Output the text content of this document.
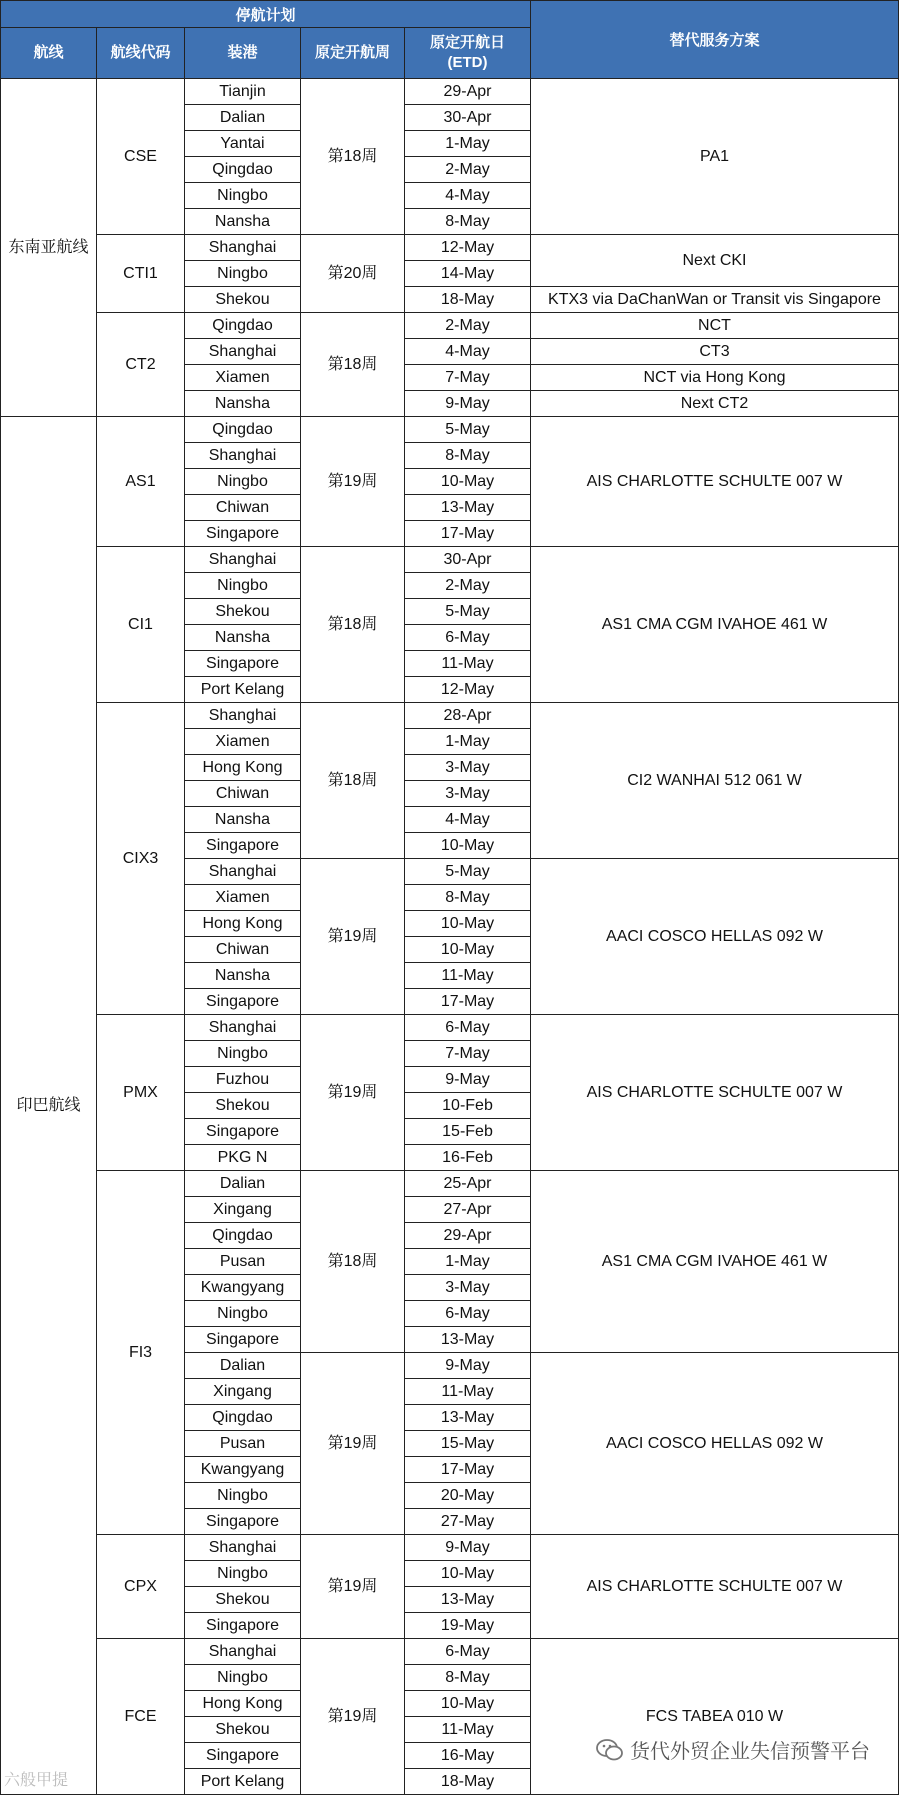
停航计划					替代服务方案
航线	航线代码	装港	原定开航周	原定开航日
(ETD)	

东南亚航线	CSE	Tianjin	第18周	29-Apr	PA1
		Dalian		30-Apr	
		Yantai		1-May	
		Qingdao		2-May	
		Ningbo		4-May	
		Nansha		8-May	
	CTI1	Shanghai	第20周	12-May	Next CKI
		Ningbo		14-May	
		Shekou		18-May	KTX3 via DaChanWan or Transit vis Singapore
	CT2	Qingdao	第18周	2-May	NCT
		Shanghai		4-May	CT3
		Xiamen		7-May	NCT via Hong Kong
		Nansha		9-May	Next CT2
印巴航线	AS1	Qingdao	第19周	5-May	AIS CHARLOTTE SCHULTE 007 W
		Shanghai		8-May	
		Ningbo		10-May	
		Chiwan		13-May	
		Singapore		17-May	
	CI1	Shanghai	第18周	30-Apr	AS1 CMA CGM IVAHOE 461 W
		Ningbo		2-May	
		Shekou		5-May	
		Nansha		6-May	
		Singapore		11-May	
		Port Kelang		12-May	
	CIX3	Shanghai	第18周	28-Apr	CI2 WANHAI 512 061 W
		Xiamen		1-May	
		Hong Kong		3-May	
		Chiwan		3-May	
		Nansha		4-May	
		Singapore		10-May	
		Shanghai	第19周	5-May	AACI COSCO HELLAS 092 W
		Xiamen		8-May	
		Hong Kong		10-May	
		Chiwan		10-May	
		Nansha		11-May	
		Singapore		17-May	
	PMX	Shanghai	第19周	6-May	AIS CHARLOTTE SCHULTE 007 W
		Ningbo		7-May	
		Fuzhou		9-May	
		Shekou		10-Feb	
		Singapore		15-Feb	
		PKG N		16-Feb	
	FI3	Dalian	第18周	25-Apr	AS1 CMA CGM IVAHOE 461 W
		Xingang		27-Apr	
		Qingdao		29-Apr	
		Pusan		1-May	
		Kwangyang		3-May	
		Ningbo		6-May	
		Singapore		13-May	
		Dalian	第19周	9-May	AACI COSCO HELLAS 092 W
		Xingang		11-May	
		Qingdao		13-May	
		Pusan		15-May	
		Kwangyang		17-May	
		Ningbo		20-May	
		Singapore		27-May	
	CPX	Shanghai	第19周	9-May	AIS CHARLOTTE SCHULTE 007 W
		Ningbo		10-May	
		Shekou		13-May	
		Singapore		19-May	
	FCE	Shanghai	第19周	6-May	FCS TABEA 010 W
		Ningbo		8-May	
		Hong Kong		10-May	
		Shekou		11-May	
		Singapore		16-May	
		Port Kelang		18-May	
六般甲提
货代外贸企业失信预警平台
